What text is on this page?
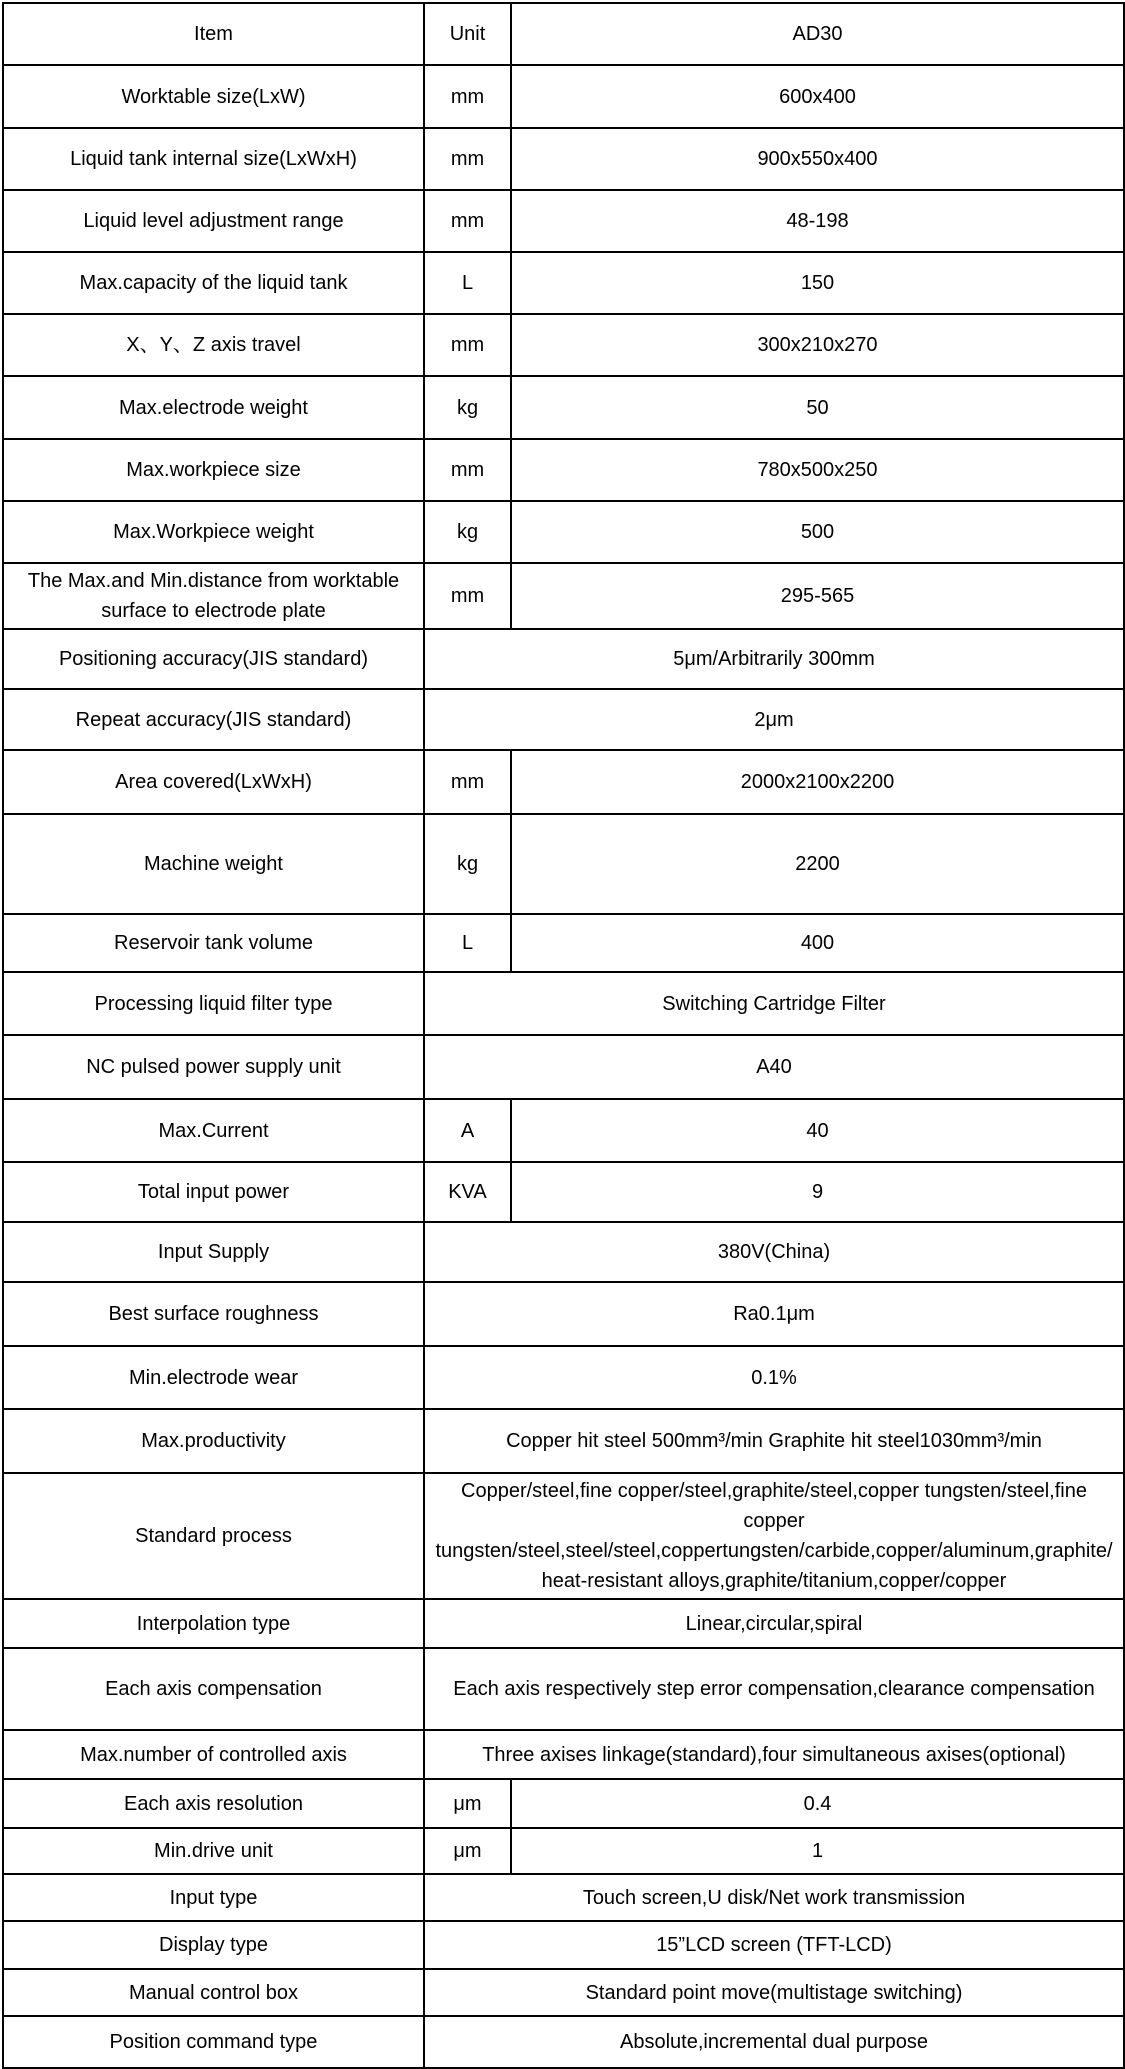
Item	Unit	AD30
Worktable size(LxW)	mm	600x400
Liquid tank internal size(LxWxH)	mm	900x550x400
Liquid level adjustment range	mm	48-198
Max.capacity of the liquid tank	L	150
X、Y、Z axis travel	mm	300x210x270
Max.electrode weight	kg	50
Max.workpiece size	mm	780x500x250
Max.Workpiece weight	kg	500
The Max.and Min.distance from worktable surface to electrode plate	mm	295-565
Positioning accuracy(JIS standard)	5μm/Arbitrarily 300mm	
Repeat accuracy(JIS standard)	2μm	
Area covered(LxWxH)	mm	2000x2100x2200
Machine weight	kg	2200
Reservoir tank volume	L	400
Processing liquid filter type	Switching Cartridge Filter	
NC pulsed power supply unit	A40	
Max.Current	A	40
Total input power	KVA	9
Input Supply	380V(China)	
Best surface roughness	Ra0.1μm	
Min.electrode wear	0.1%	
Max.productivity	Copper hit steel 500mm³/min Graphite hit steel1030mm³/min	
Standard process	Copper/steel,fine copper/steel,graphite/steel,copper tungsten/steel,fine copper tungsten/steel,steel/steel,coppertungsten/carbide,copper/aluminum,graphite/heat-resistant alloys,graphite/titanium,copper/copper	
Interpolation type	Linear,circular,spiral	
Each axis compensation	Each axis respectively step error compensation,clearance compensation	
Max.number of controlled axis	Three axises linkage(standard),four simultaneous axises(optional)	
Each axis resolution	μm	0.4
Min.drive unit	μm	1
Input type	Touch screen,U disk/Net work transmission	
Display type	15”LCD screen (TFT-LCD)	
Manual control box	Standard point move(multistage switching)	
Position command type	Absolute,incremental dual purpose	
